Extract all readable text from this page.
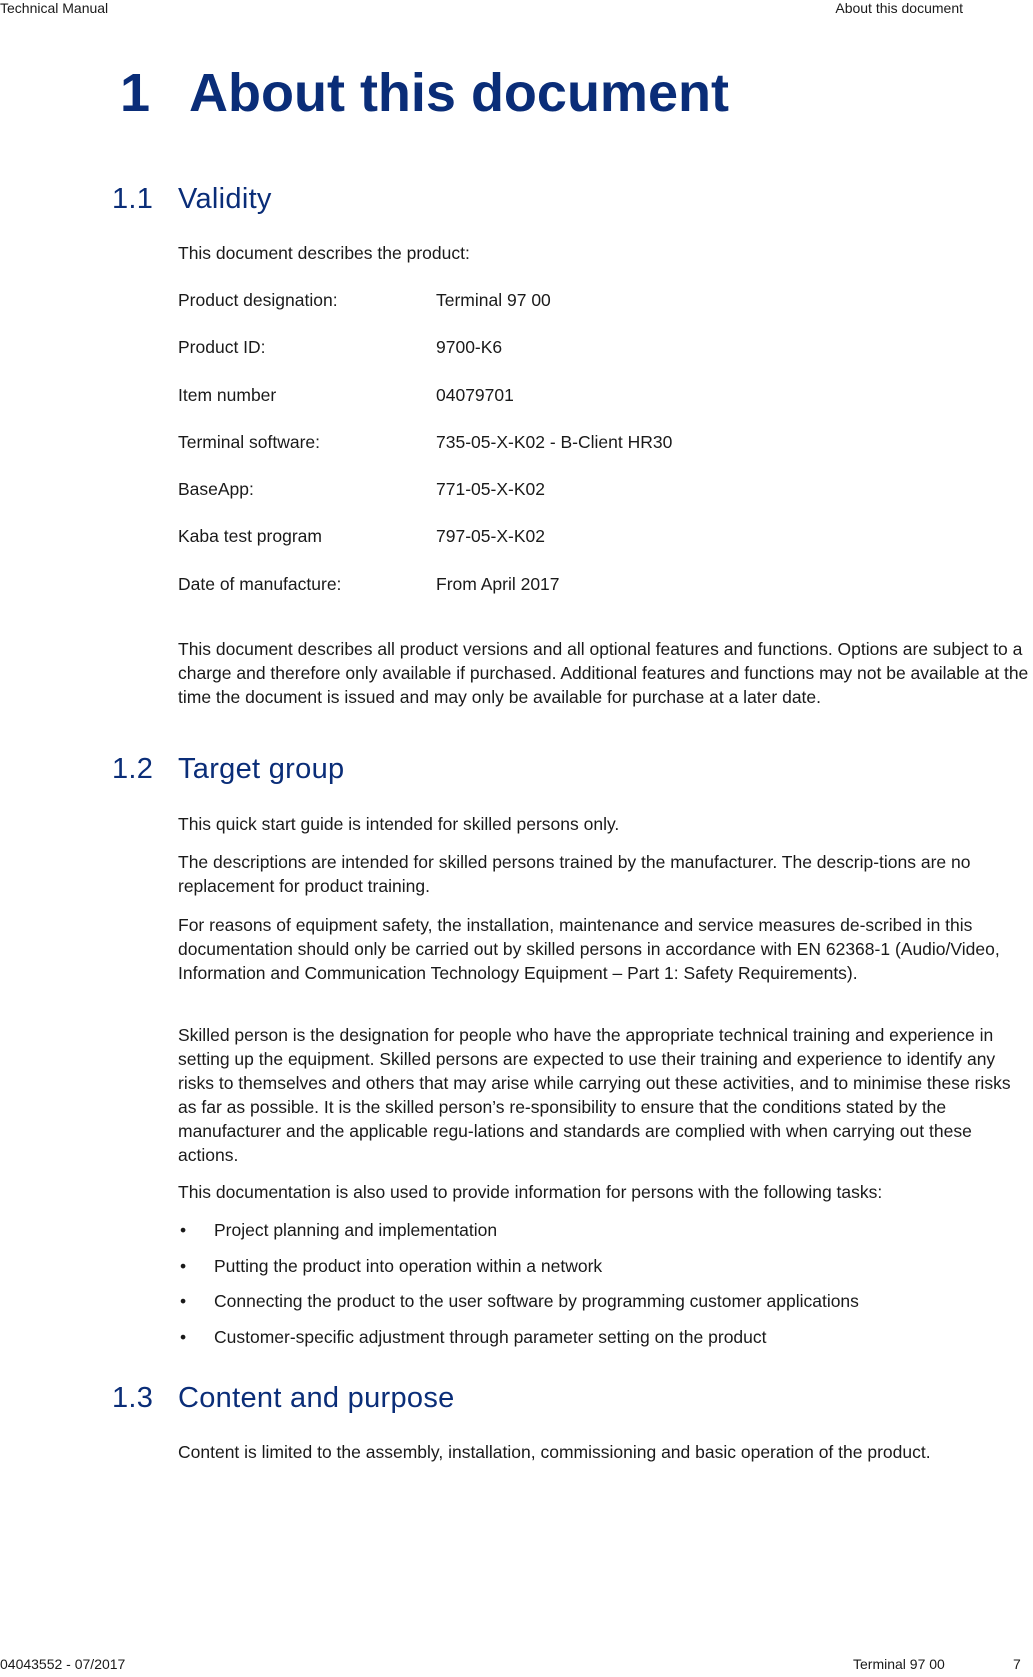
Technical Manual	About this document
1 About this document
1.1 Validity

This document describes the product:

Product designation:	Terminal 97 00
Product ID:	9700-K6
Item number	04079701
Terminal software:	735-05-X-K02 - B-Client HR30
BaseApp:	771-05-X-K02
Kaba test program	797-05-X-K02
Date of manufacture:	From April 2017

This document describes all product versions and all optional features and functions. Options are subject to a charge and therefore only available if purchased. Additional features and functions may not be available at the time the document is issued and may only be available for purchase at a later date.

1.2 Target group

This quick start guide is intended for skilled persons only.

The descriptions are intended for skilled persons trained by the manufacturer. The descrip-tions are no replacement for product training.

For reasons of equipment safety, the installation, maintenance and service measures de-scribed in this documentation should only be carried out by skilled persons in accordance with EN 62368-1 (Audio/Video, Information and Communication Technology Equipment – Part 1: Safety Requirements).

Skilled person is the designation for people who have the appropriate technical training and experience in setting up the equipment. Skilled persons are expected to use their training and experience to identify any risks to themselves and others that may arise while carrying out these activities, and to minimise these risks as far as possible. It is the skilled person’s re-sponsibility to ensure that the conditions stated by the manufacturer and the applicable regu-lations and standards are complied with when carrying out these actions.

This documentation is also used to provide information for persons with the following tasks:

• Project planning and implementation
• Putting the product into operation within a network
• Connecting the product to the user software by programming customer applications
• Customer-specific adjustment through parameter setting on the product
1.3 Content and purpose

Content is limited to the assembly, installation, commissioning and basic operation of the product.

04043552 - 07/2017	Terminal 97 00	7
